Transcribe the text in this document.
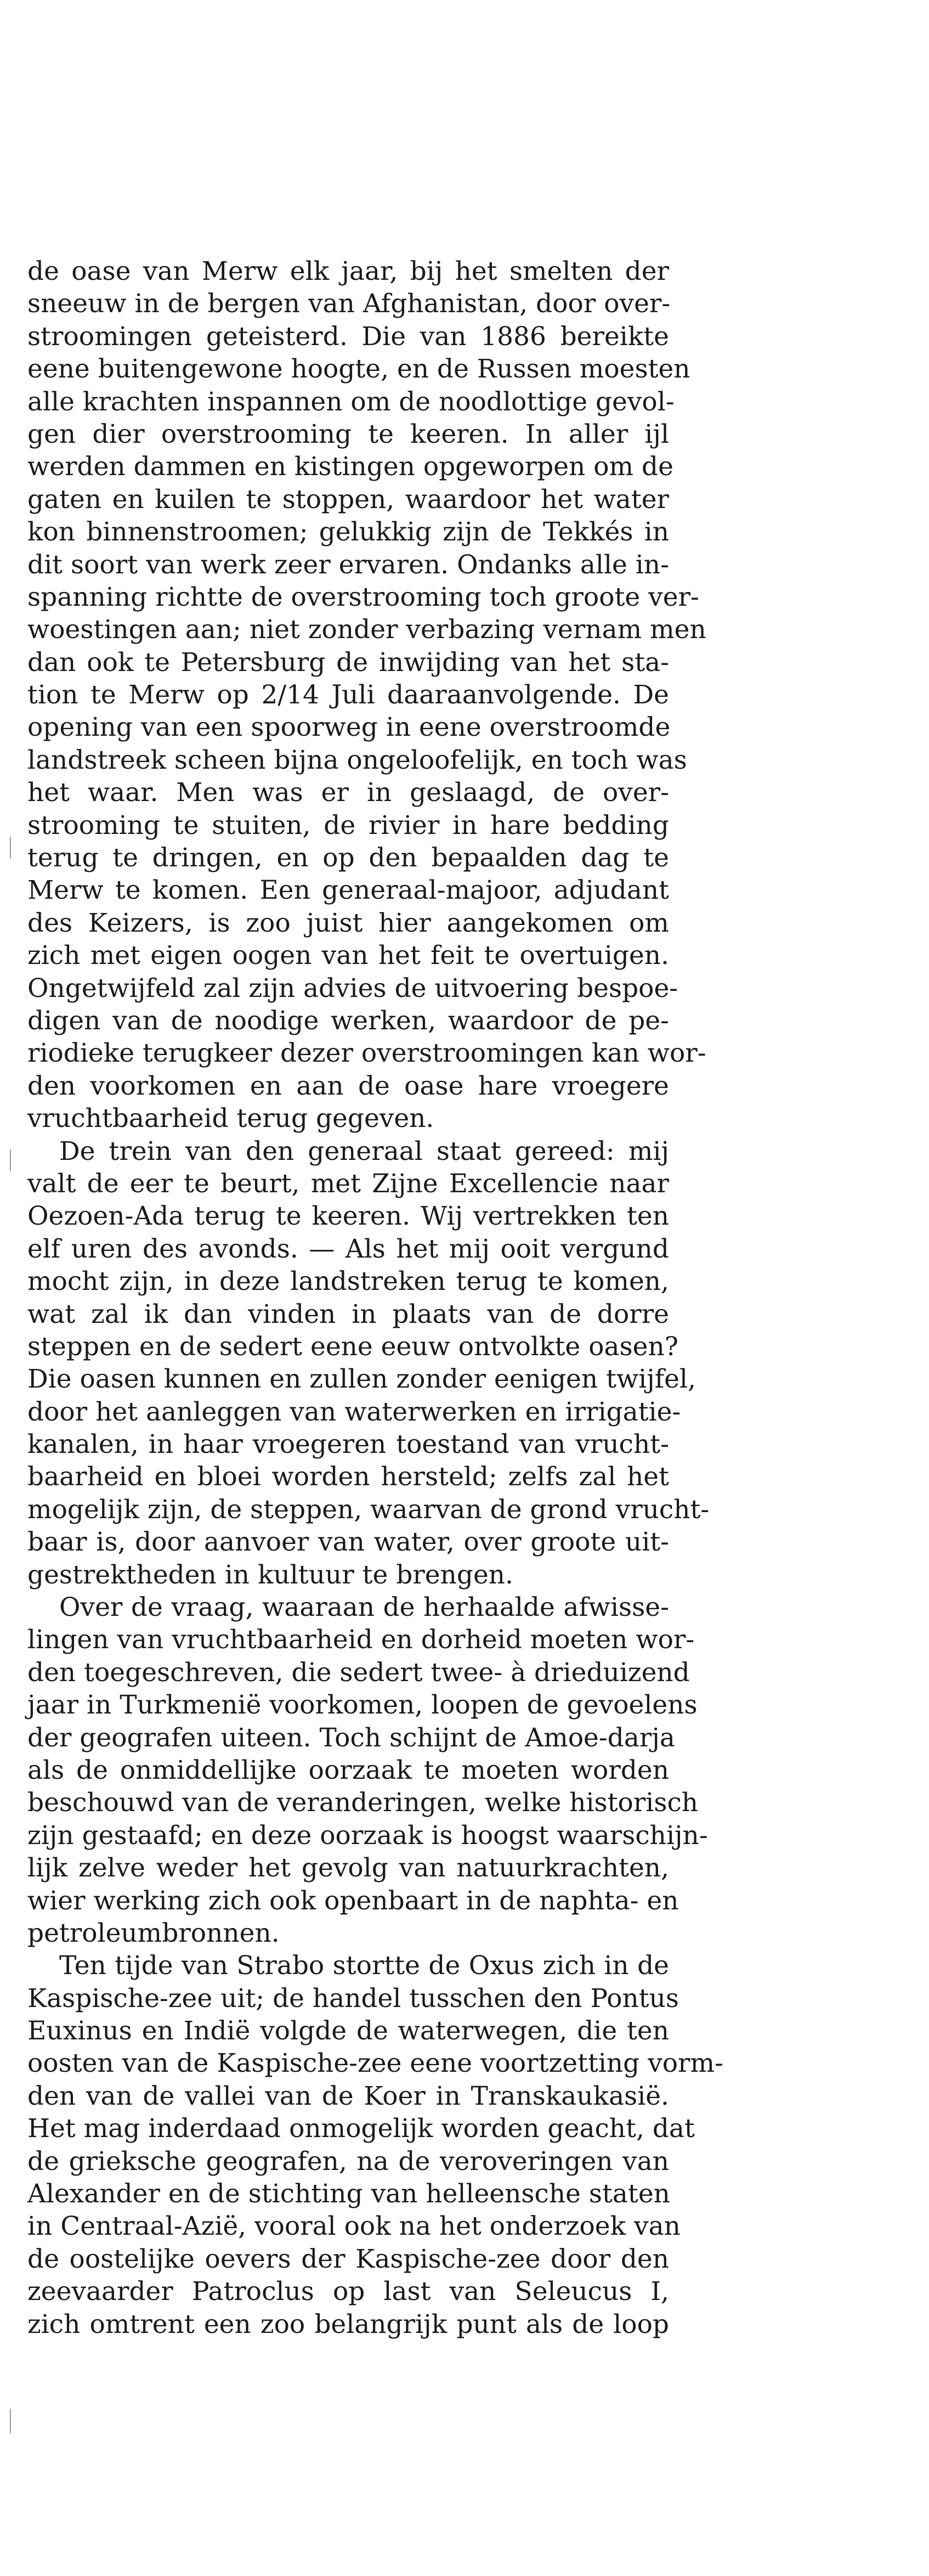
de oase van Merw elk jaar, bij het smelten der
sneeuw in de bergen van Afghanistan, door over-
stroomingen geteisterd. Die van 1886 bereikte
eene buitengewone hoogte, en de Russen moesten
alle krachten inspannen om de noodlottige gevol-
gen dier overstrooming te keeren. In aller ijl
werden dammen en kistingen opgeworpen om de
gaten en kuilen te stoppen, waardoor het water
kon binnenstroomen; gelukkig zijn de Tekkés in
dit soort van werk zeer ervaren. Ondanks alle in-
spanning richtte de overstrooming toch groote ver-
woestingen aan; niet zonder verbazing vernam men
dan ook te Petersburg de inwijding van het sta-
tion te Merw op 2/14 Juli daaraanvolgende. De
opening van een spoorweg in eene overstroomde
landstreek scheen bijna ongeloofelijk, en toch was
het waar. Men was er in geslaagd, de over-
strooming te stuiten, de rivier in hare bedding
terug te dringen, en op den bepaalden dag te
Merw te komen. Een generaal-majoor, adjudant
des Keizers, is zoo juist hier aangekomen om
zich met eigen oogen van het feit te overtuigen.
Ongetwijfeld zal zijn advies de uitvoering bespoe-
digen van de noodige werken, waardoor de pe-
riodieke terugkeer dezer overstroomingen kan wor-
den voorkomen en aan de oase hare vroegere
vruchtbaarheid terug gegeven.
De trein van den generaal staat gereed: mij
valt de eer te beurt, met Zijne Excellencie naar
Oezoen-Ada terug te keeren. Wij vertrekken ten
elf uren des avonds. — Als het mij ooit vergund
mocht zijn, in deze landstreken terug te komen,
wat zal ik dan vinden in plaats van de dorre
steppen en de sedert eene eeuw ontvolkte oasen?
Die oasen kunnen en zullen zonder eenigen twijfel,
door het aanleggen van waterwerken en irrigatie-
kanalen, in haar vroegeren toestand van vrucht-
baarheid en bloei worden hersteld; zelfs zal het
mogelijk zijn, de steppen, waarvan de grond vrucht-
baar is, door aanvoer van water, over groote uit-
gestrektheden in kultuur te brengen.
Over de vraag, waaraan de herhaalde afwisse-
lingen van vruchtbaarheid en dorheid moeten wor-
den toegeschreven, die sedert twee- à drieduizend
jaar in Turkmenië voorkomen, loopen de gevoelens
der geografen uiteen. Toch schijnt de Amoe-darja
als de onmiddellijke oorzaak te moeten worden
beschouwd van de veranderingen, welke historisch
zijn gestaafd; en deze oorzaak is hoogst waarschijn-
lijk zelve weder het gevolg van natuurkrachten,
wier werking zich ook openbaart in de naphta- en
petroleumbronnen.
Ten tijde van Strabo stortte de Oxus zich in de
Kaspische-zee uit; de handel tusschen den Pontus
Euxinus en Indië volgde de waterwegen, die ten
oosten van de Kaspische-zee eene voortzetting vorm-
den van de vallei van de Koer in Transkaukasië.
Het mag inderdaad onmogelijk worden geacht, dat
de grieksche geografen, na de veroveringen van
Alexander en de stichting van helleensche staten
in Centraal-Azië, vooral ook na het onderzoek van
de oostelijke oevers der Kaspische-zee door den
zeevaarder Patroclus op last van Seleucus I,
zich omtrent een zoo belangrijk punt als de loop
